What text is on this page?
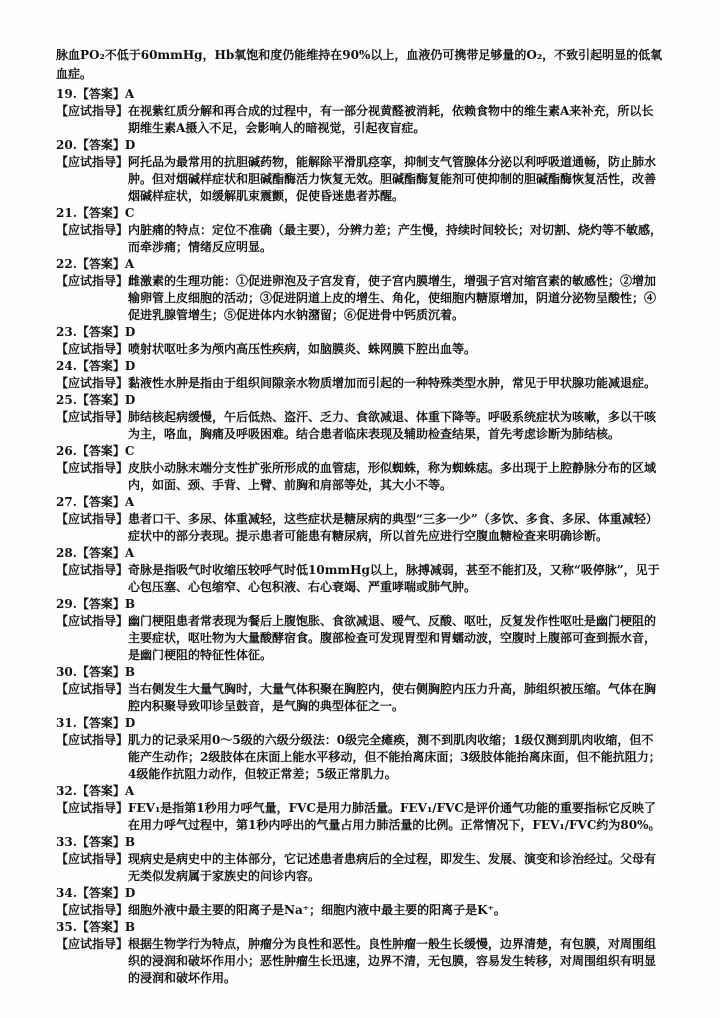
脉血PO₂不低于60mmHg，Hb氧饱和度仍能维持在90%以上，血液仍可携带足够量的O₂，不致引起明显的低氧血症。

19.【答案】A

【应试指导】 在视紫红质分解和再合成的过程中，有一部分视黄醛被消耗，依赖食物中的维生素A来补充，所以长期维生素A摄入不足，会影响人的暗视觉，引起夜盲症。

20.【答案】D

【应试指导】 阿托品为最常用的抗胆碱药物，能解除平滑肌痉挛，抑制支气管腺体分泌以利呼吸道通畅，防止肺水肿。但对烟碱样症状和胆碱酯酶活力恢复无效。胆碱酯酶复能剂可使抑制的胆碱酯酶恢复活性，改善烟碱样症状，如缓解肌束震颤，促使昏迷患者苏醒。

21.【答案】C

【应试指导】 内脏痛的特点：定位不准确（最主要），分辨力差；产生慢，持续时间较长；对切割、烧灼等不敏感，而牵涉痛；情绪反应明显。

22.【答案】A

【应试指导】 雌激素的生理功能：①促进卵泡及子宫发育，使子宫内膜增生，增强子宫对缩宫素的敏感性；②增加输卵管上皮细胞的活动；③促进阴道上皮的增生、角化，使细胞内糖原增加，阴道分泌物呈酸性；④促进乳腺管增生；⑤促进体内水钠潴留；⑥促进骨中钙质沉着。

23.【答案】D

【应试指导】 喷射状呕吐多为颅内高压性疾病，如脑膜炎、蛛网膜下腔出血等。

24.【答案】D

【应试指导】 黏液性水肿是指由于组织间隙亲水物质增加而引起的一种特殊类型水肿，常见于甲状腺功能减退症。

25.【答案】D

【应试指导】 肺结核起病缓慢，午后低热、盗汗、乏力、食欲减退、体重下降等。呼吸系统症状为咳嗽，多以干咳为主，咯血，胸痛及呼吸困难。结合患者临床表现及辅助检查结果，首先考虑诊断为肺结核。

26.【答案】C

【应试指导】 皮肤小动脉末端分支性扩张所形成的血管痣，形似蜘蛛，称为蜘蛛痣。多出现于上腔静脉分布的区域内，如面、颈、手背、上臂、前胸和肩部等处，其大小不等。

27.【答案】A

【应试指导】 患者口干、多尿、体重减轻，这些症状是糖尿病的典型“三多一少”（多饮、多食、多尿、体重减轻）症状中的部分表现。提示患者可能患有糖尿病，所以首先应进行空腹血糖检查来明确诊断。

28.【答案】A

【应试指导】 奇脉是指吸气时收缩压较呼气时低10mmHg以上，脉搏减弱，甚至不能扪及，又称“吸停脉”，见于心包压塞、心包缩窄、心包积液、右心衰竭、严重哮喘或肺气肿。

29.【答案】B

【应试指导】 幽门梗阻患者常表现为餐后上腹饱胀、食欲减退、嗳气、反酸、呕吐，反复发作性呕吐是幽门梗阻的主要症状，呕吐物为大量酸酵宿食。腹部检查可发现胃型和胃蠕动波，空腹时上腹部可查到振水音，是幽门梗阻的特征性体征。

30.【答案】B

【应试指导】 当右侧发生大量气胸时，大量气体积聚在胸腔内，使右侧胸腔内压力升高，肺组织被压缩。气体在胸腔内积聚导致叩诊呈鼓音，是气胸的典型体征之一。

31.【答案】D

【应试指导】 肌力的记录采用0～5级的六级分级法：0级完全瘫痪，测不到肌肉收缩；1级仅测到肌肉收缩，但不能产生动作；2级肢体在床面上能水平移动，但不能抬离床面；3级肢体能抬离床面，但不能抗阻力；4级能作抗阻力动作，但较正常差；5级正常肌力。

32.【答案】A

【应试指导】 FEV₁是指第1秒用力呼气量，FVC是用力肺活量。FEV₁/FVC是评价通气功能的重要指标它反映了在用力呼气过程中，第1秒内呼出的气量占用力肺活量的比例。正常情况下，FEV₁/FVC约为80%。

33.【答案】B

【应试指导】 现病史是病史中的主体部分，它记述患者患病后的全过程，即发生、发展、演变和诊治经过。父母有无类似发病属于家族史的问诊内容。

34.【答案】D

【应试指导】 细胞外液中最主要的阳离子是Na⁺；细胞内液中最主要的阳离子是K⁺。

35.【答案】B

【应试指导】 根据生物学行为特点，肿瘤分为良性和恶性。良性肿瘤一般生长缓慢，边界清楚，有包膜，对周围组织的浸润和破坏作用小；恶性肿瘤生长迅速，边界不清，无包膜，容易发生转移，对周围组织有明显的浸润和破坏作用。
